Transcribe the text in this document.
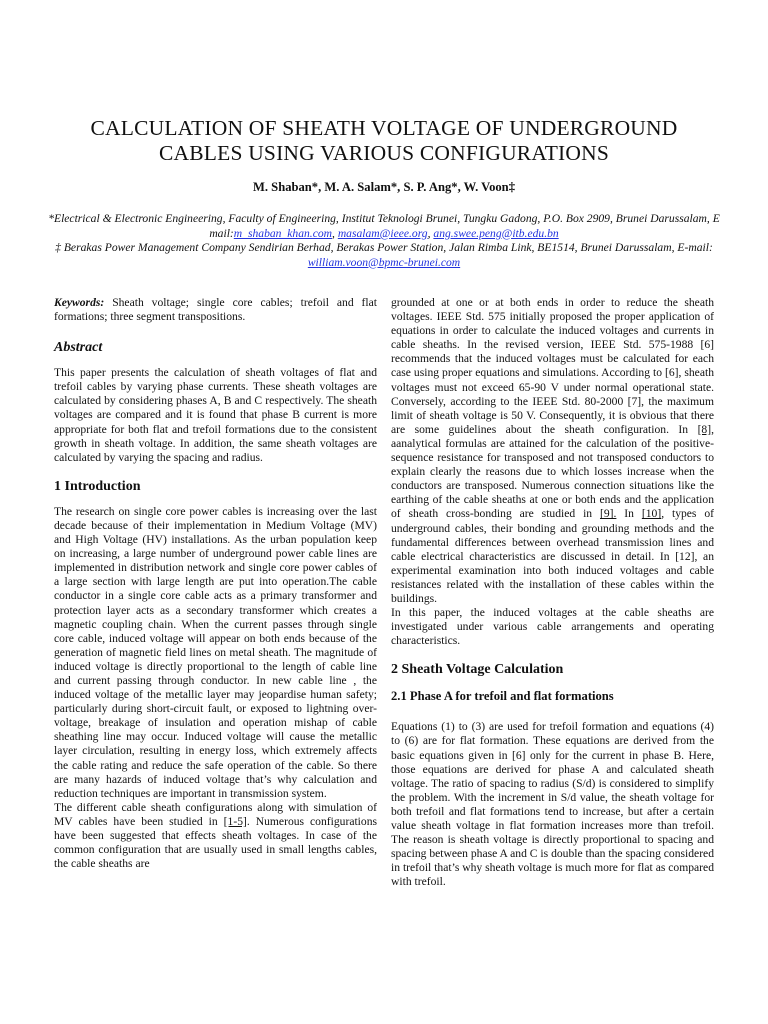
CALCULATION OF SHEATH VOLTAGE OF UNDERGROUND
CABLES USING VARIOUS CONFIGURATIONS
M. Shaban*, M. A. Salam*, S. P. Ang*, W. Voon‡
*Electrical & Electronic Engineering, Faculty of Engineering, Institut Teknologi Brunei, Tungku Gadong, P.O. Box 2909, Brunei Darussalam, E mail:m_shaban_khan.com, masalam@ieee.org, ang.swee.peng@itb.edu.bn
‡ Berakas Power Management Company Sendirian Berhad, Berakas Power Station, Jalan Rimba Link, BE1514, Brunei Darussalam, E-mail: william.voon@bpmc-brunei.com

Keywords: Sheath voltage; single core cables; trefoil and flat formations; three segment transpositions.

Abstract

This paper presents the calculation of sheath voltages of flat and trefoil cables by varying phase currents. These sheath voltages are calculated by considering phases A, B and C respectively. The sheath voltages are compared and it is found that phase B current is more appropriate for both flat and trefoil formations due to the consistent growth in sheath voltage. In addition, the same sheath voltages are calculated by varying the spacing and radius.

1 Introduction

The research on single core power cables is increasing over the last decade because of their implementation in Medium Voltage (MV) and High Voltage (HV) installations. As the urban population keep on increasing, a large number of underground power cable lines are implemented in distribution network and single core power cables of a large section with large length are put into operation.The cable conductor in a single core cable acts as a primary transformer and protection layer acts as a secondary transformer which creates a magnetic coupling chain. When the current passes through single core cable, induced voltage will appear on both ends because of the generation of magnetic field lines on metal sheath. The magnitude of induced voltage is directly proportional to the length of cable line and current passing through conductor. In new cable line , the induced voltage of the metallic layer may jeopardise human safety; particularly during short-circuit fault, or exposed to lightning over-voltage, breakage of insulation and operation mishap of cable sheathing line may occur. Induced voltage will cause the metallic layer circulation, resulting in energy loss, which extremely affects the cable rating and reduce the safe operation of the cable. So there are many hazards of induced voltage that’s why calculation and reduction techniques are important in transmission system.

The different cable sheath configurations along with simulation of MV cables have been studied in [1-5]. Numerous configurations have been suggested that effects sheath voltages. In case of the common configuration that are usually used in small lengths cables, the cable sheaths are

grounded at one or at both ends in order to reduce the sheath voltages. IEEE Std. 575 initially proposed the proper application of equations in order to calculate the induced voltages and currents in cable sheaths. In the revised version, IEEE Std. 575-1988 [6] recommends that the induced voltages must be calculated for each case using proper equations and simulations. According to [6], sheath voltages must not exceed 65-90 V under normal operational state. Conversely, according to the IEEE Std. 80-2000 [7], the maximum limit of sheath voltage is 50 V. Consequently, it is obvious that there are some guidelines about the sheath configuration. In [8], aanalytical formulas are attained for the calculation of the positive-sequence resistance for transposed and not transposed conductors to explain clearly the reasons due to which losses increase when the conductors are transposed. Numerous connection situations like the earthing of the cable sheaths at one or both ends and the application of sheath cross-bonding are studied in [9]. In [10], types of underground cables, their bonding and grounding methods and the fundamental differences between overhead transmission lines and cable electrical characteristics are discussed in detail. In [12], an experimental examination into both induced voltages and cable resistances related with the installation of these cables within the buildings.

In this paper, the induced voltages at the cable sheaths are investigated under various cable arrangements and operating characteristics.

2 Sheath Voltage Calculation
2.1 Phase A for trefoil and flat formations

Equations (1) to (3) are used for trefoil formation and equations (4) to (6) are for flat formation. These equations are derived from the basic equations given in [6] only for the current in phase B. Here, those equations are derived for phase A and calculated sheath voltage. The ratio of spacing to radius (S/d) is considered to simplify the problem. With the increment in S/d value, the sheath voltage for both trefoil and flat formations tend to increase, but after a certain value sheath voltage in flat formation increases more than trefoil. The reason is sheath voltage is directly proportional to spacing and spacing between phase A and C is double than the spacing considered in trefoil that’s why sheath voltage is much more for flat as compared with trefoil.
